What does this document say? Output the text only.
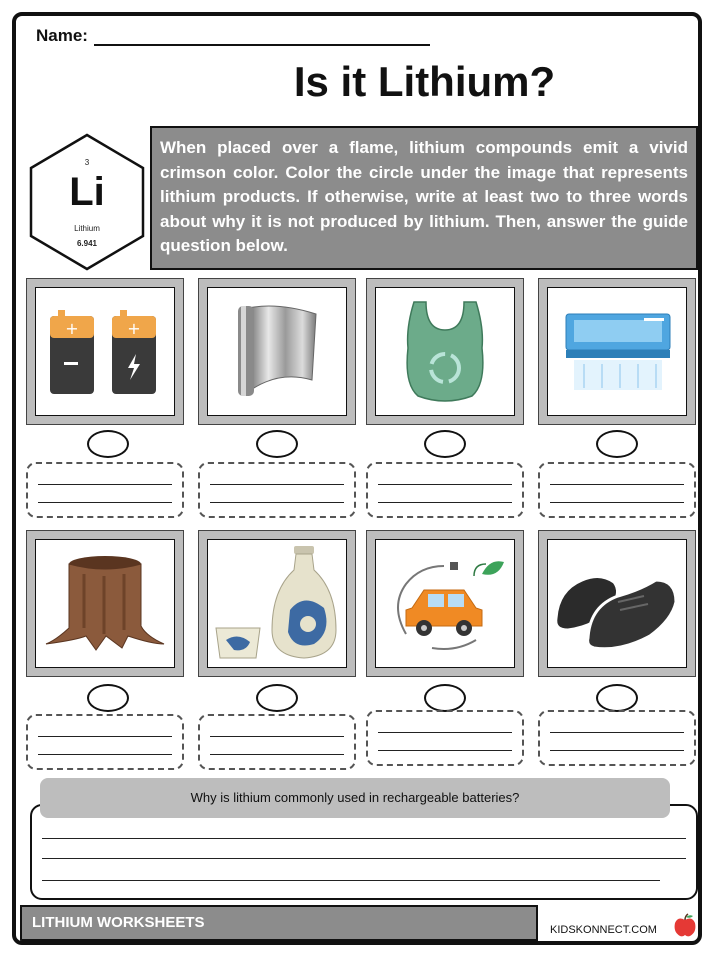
Name:
Is it Lithium?
3
Li
Lithium
6.941
When placed over a flame, lithium compounds emit a vivid crimson color. Color the circle under the image that represents lithium products. If otherwise, write at least two to three words about why it is not produced by lithium. Then, answer the guide question below.
+	+
Why is lithium commonly used in rechargeable batteries?
LITHIUM WORKSHEETS	KIDSKONNECT.COM
